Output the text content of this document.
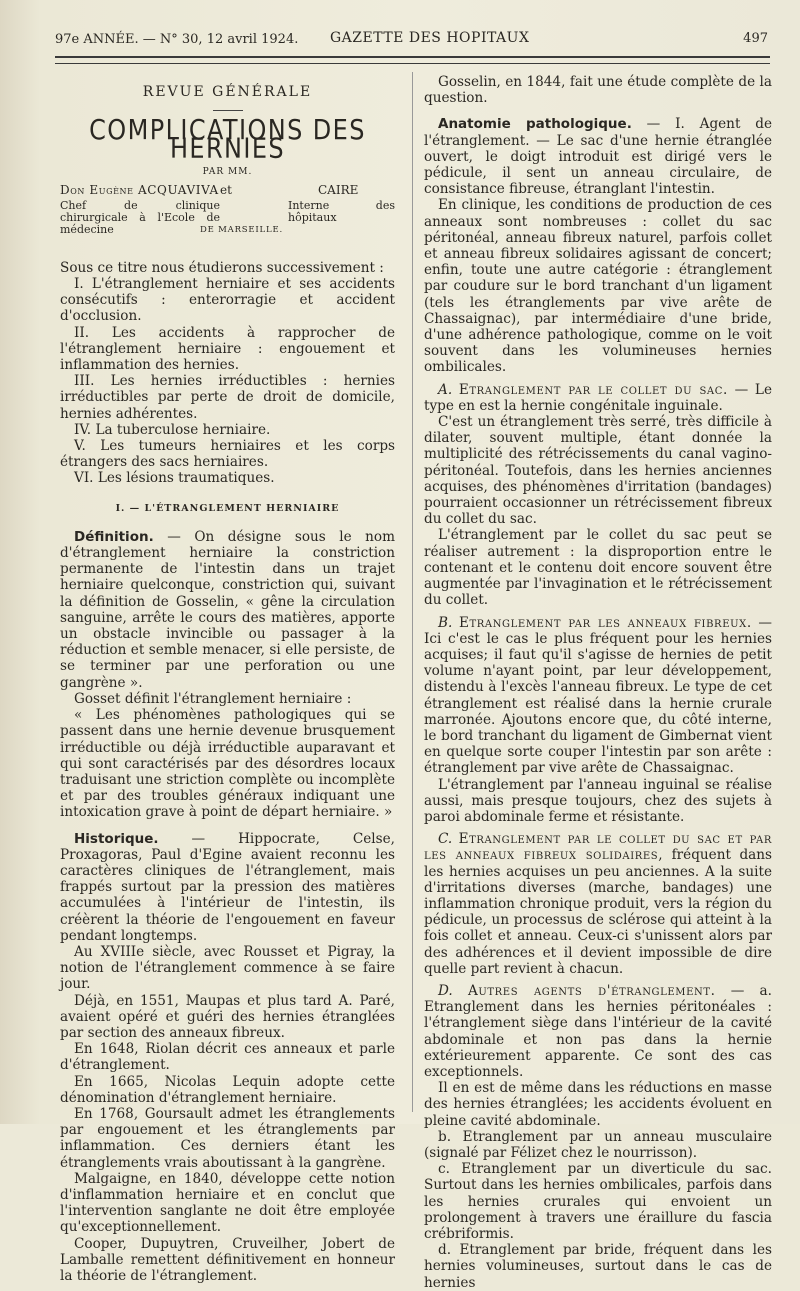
97e ANNÉE. — N° 30, 12 avril 1924. GAZETTE DES HOPITAUX	497
REVUE GÉNÉRALE
COMPLICATIONS DES HERNIES
PAR MM.
Don Eugène ACQUAVIVA et	CAIRE
Chef de clinique chirurgicale à l'Ecole de médecine
Interne des hôpitaux
DE MARSEILLE.

Sous ce titre nous étudierons successivement :

I. L'étranglement herniaire et ses accidents consécutifs : enterorragie et accident d'occlusion.

II. Les accidents à rapprocher de l'étranglement herniaire : engouement et inflammation des hernies.

III. Les hernies irréductibles : hernies irréductibles par perte de droit de domicile, hernies adhérentes.

IV. La tuberculose herniaire.

V. Les tumeurs herniaires et les corps étrangers des sacs herniaires.

VI. Les lésions traumatiques.

I. — L'ÉTRANGLEMENT HERNIAIRE

Définition. — On désigne sous le nom d'étranglement herniaire la constriction permanente de l'intestin dans un trajet herniaire quelconque, constriction qui, suivant la définition de Gosselin, « gêne la circulation sanguine, arrête le cours des matières, apporte un obstacle invincible ou passager à la réduction et semble menacer, si elle persiste, de se terminer par une perforation ou une gangrène ».

Gosset définit l'étranglement herniaire :

« Les phénomènes pathologiques qui se passent dans une hernie devenue brusquement irréductible ou déjà irréductible auparavant et qui sont caractérisés par des désordres locaux traduisant une striction complète ou incomplète et par des troubles généraux indiquant une intoxication grave à point de départ herniaire. »

Historique. — Hippocrate, Celse, Proxagoras, Paul d'Egine avaient reconnu les caractères cliniques de l'étranglement, mais frappés surtout par la pression des matières accumulées à l'intérieur de l'intestin, ils créèrent la théorie de l'engouement en faveur pendant longtemps.

Au XVIIIe siècle, avec Rousset et Pigray, la notion de l'étranglement commence à se faire jour.

Déjà, en 1551, Maupas et plus tard A. Paré, avaient opéré et guéri des hernies étranglées par section des anneaux fibreux.

En 1648, Riolan décrit ces anneaux et parle d'étranglement.

En 1665, Nicolas Lequin adopte cette dénomination d'étranglement herniaire.

En 1768, Goursault admet les étranglements par engouement et les étranglements par inflammation. Ces derniers étant les étranglements vrais aboutissant à la gangrène.

Malgaigne, en 1840, développe cette notion d'inflammation herniaire et en conclut que l'intervention sanglante ne doit être employée qu'exceptionnellement.

Cooper, Dupuytren, Cruveilher, Jobert de Lamballe remettent définitivement en honneur la théorie de l'étranglement.

Gosselin, en 1844, fait une étude complète de la question.

Anatomie pathologique. — I. Agent de l'étranglement. — Le sac d'une hernie étranglée ouvert, le doigt introduit est dirigé vers le pédicule, il sent un anneau circulaire, de consistance fibreuse, étranglant l'intestin.

En clinique, les conditions de production de ces anneaux sont nombreuses : collet du sac péritonéal, anneau fibreux naturel, parfois collet et anneau fibreux solidaires agissant de concert; enfin, toute une autre catégorie : étranglement par coudure sur le bord tranchant d'un ligament (tels les étranglements par vive arête de Chassaignac), par intermédiaire d'une bride, d'une adhérence pathologique, comme on le voit souvent dans les volumineuses hernies ombilicales.

A. Etranglement par le collet du sac. — Le type en est la hernie congénitale inguinale.

C'est un étranglement très serré, très difficile à dilater, souvent multiple, étant donnée la multiplicité des rétrécissements du canal vagino-péritonéal. Toutefois, dans les hernies anciennes acquises, des phénomènes d'irritation (bandages) pourraient occasionner un rétrécissement fibreux du collet du sac.

L'étranglement par le collet du sac peut se réaliser autrement : la disproportion entre le contenant et le contenu doit encore souvent être augmentée par l'invagination et le rétrécissement du collet.

B. Etranglement par les anneaux fibreux. — Ici c'est le cas le plus fréquent pour les hernies acquises; il faut qu'il s'agisse de hernies de petit volume n'ayant point, par leur développement, distendu à l'excès l'anneau fibreux. Le type de cet étranglement est réalisé dans la hernie crurale marronée. Ajoutons encore que, du côté interne, le bord tranchant du ligament de Gimbernat vient en quelque sorte couper l'intestin par son arête : étranglement par vive arête de Chassaignac.

L'étranglement par l'anneau inguinal se réalise aussi, mais presque toujours, chez des sujets à paroi abdominale ferme et résistante.

C. Etranglement par le collet du sac et par les anneaux fibreux solidaires, fréquent dans les hernies acquises un peu anciennes. A la suite d'irritations diverses (marche, bandages) une inflammation chronique produit, vers la région du pédicule, un processus de sclérose qui atteint à la fois collet et anneau. Ceux-ci s'unissent alors par des adhérences et il devient impossible de dire quelle part revient à chacun.

D. Autres agents d'étranglement. — a. Etranglement dans les hernies péritonéales : l'étranglement siège dans l'intérieur de la cavité abdominale et non pas dans la hernie extérieurement apparente. Ce sont des cas exceptionnels.

Il en est de même dans les réductions en masse des hernies étranglées; les accidents évoluent en pleine cavité abdominale.

b. Etranglement par un anneau musculaire (signalé par Félizet chez le nourrisson).

c. Etranglement par un diverticule du sac. Surtout dans les hernies ombilicales, parfois dans les hernies crurales qui envoient un prolongement à travers une éraillure du fascia crébriformis.

d. Etranglement par bride, fréquent dans les hernies volumineuses, surtout dans le cas de hernies
